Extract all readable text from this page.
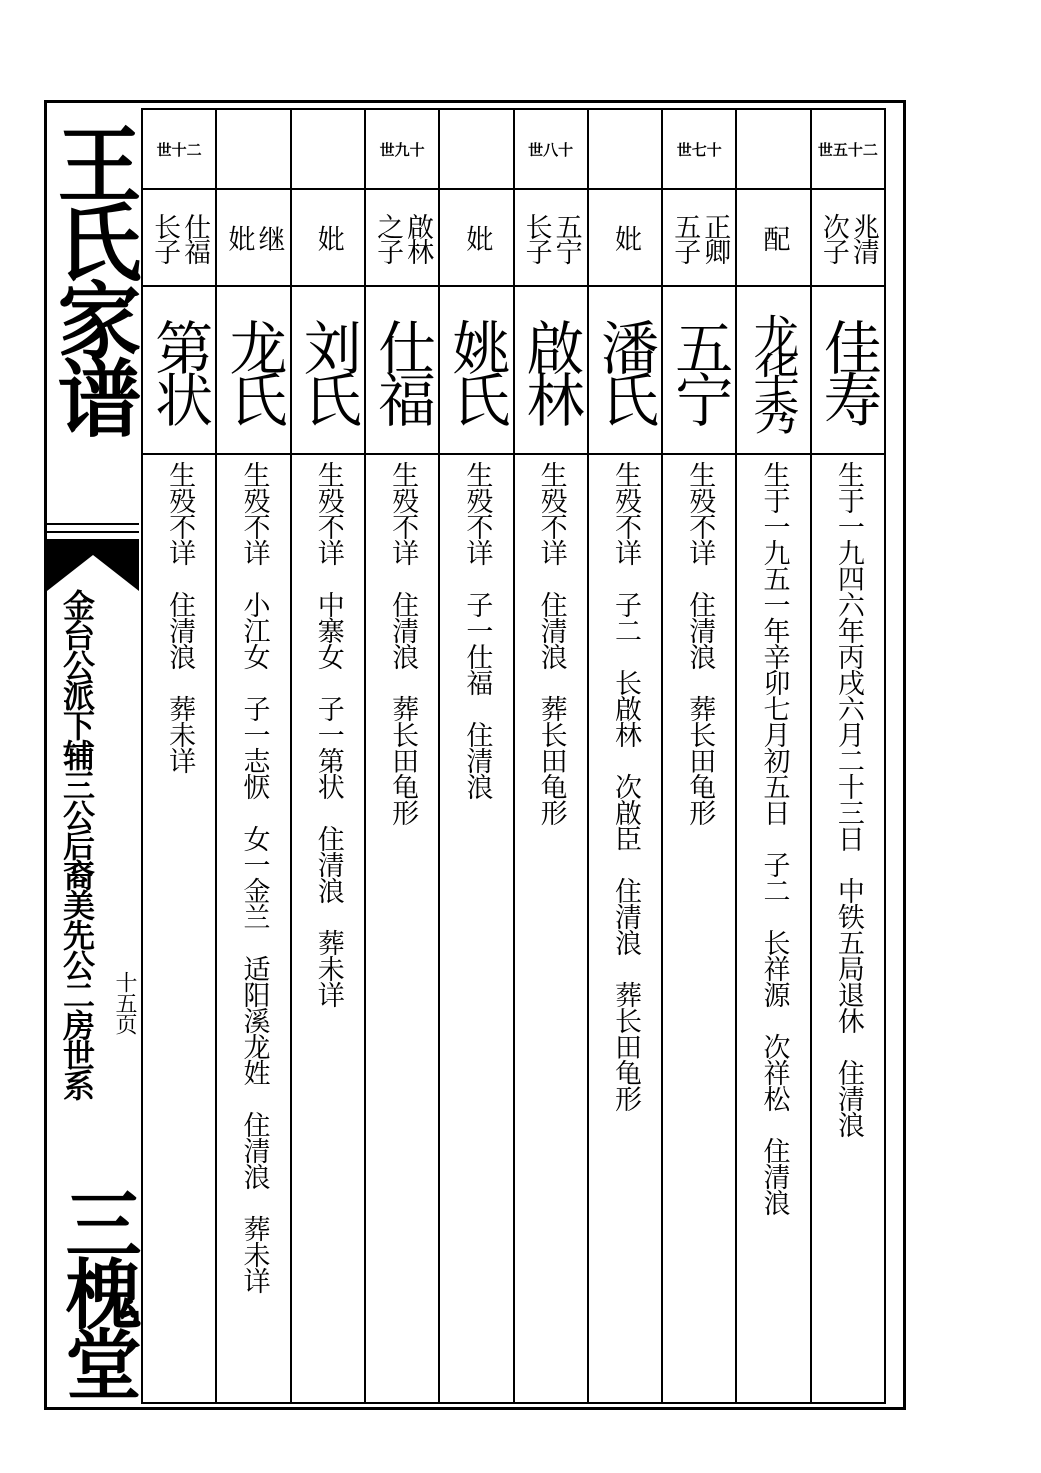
王氏家谱
金台公派下辅三公后裔美先公二房世系 十五页
三槐堂
世五十二
兆清
次子
佳寿
生于一九四六年丙戌六月二十三日　中铁五局退休　住清浪
配
龙华秀
生于一九五一年辛卯七月初五日　子二　长祥源　次祥松　住清浪
世七十
正卿
五子
五宁
生殁不详　住清浪　葬长田龟形
妣
潘氏
生殁不详　子二　长啟林　次啟臣　住清浪　葬长田龟形
世八十
五宁
长子
啟林
生殁不详　住清浪　葬长田龟形
妣
姚氏
生殁不详　子一仕福　住清浪
世九十
啟林
之子
仕福
生殁不详　住清浪　葬长田龟形
妣
刘氏
生殁不详　中寨女　子一第状　住清浪　葬未详
继
妣
龙氏
生殁不详　小江女　子一志恹　女一金兰　适阳溪龙姓　住清浪　葬未详
世十二
仕福
长子
第状
生殁不详　住清浪　葬未详
